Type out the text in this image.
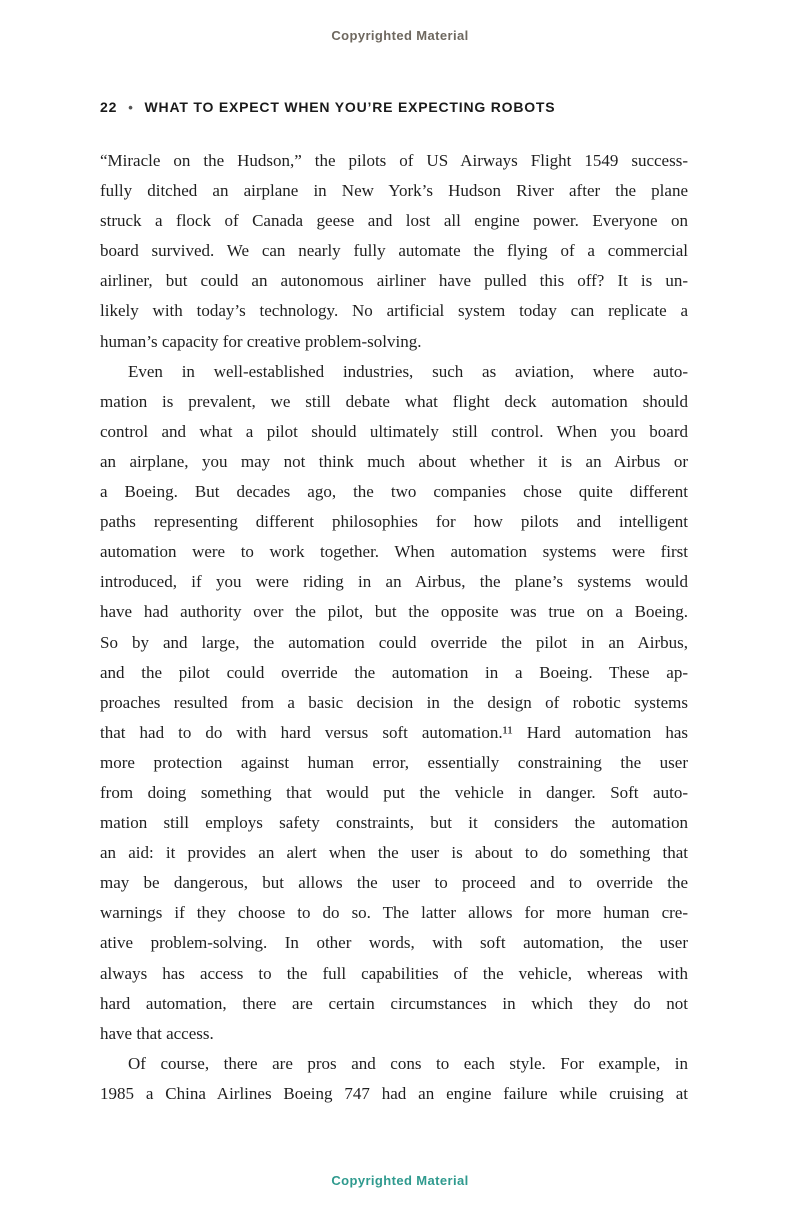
Copyrighted Material
22 • WHAT TO EXPECT WHEN YOU’RE EXPECTING ROBOTS
“Miracle on the Hudson,” the pilots of US Airways Flight 1549 success-
fully ditched an airplane in New York’s Hudson River after the plane
struck a flock of Canada geese and lost all engine power. Everyone on
board survived. We can nearly fully automate the flying of a commercial
airliner, but could an autonomous airliner have pulled this off? It is un-
likely with today’s technology. No artificial system today can replicate a
human’s capacity for creative problem-solving.
Even in well-established industries, such as aviation, where auto-
mation is prevalent, we still debate what flight deck automation should
control and what a pilot should ultimately still control. When you board
an airplane, you may not think much about whether it is an Airbus or
a Boeing. But decades ago, the two companies chose quite different
paths representing different philosophies for how pilots and intelligent
automation were to work together. When automation systems were first
introduced, if you were riding in an Airbus, the plane’s systems would
have had authority over the pilot, but the opposite was true on a Boeing.
So by and large, the automation could override the pilot in an Airbus,
and the pilot could override the automation in a Boeing. These ap-
proaches resulted from a basic decision in the design of robotic systems
that had to do with hard versus soft automation.¹¹ Hard automation has
more protection against human error, essentially constraining the user
from doing something that would put the vehicle in danger. Soft auto-
mation still employs safety constraints, but it considers the automation
an aid: it provides an alert when the user is about to do something that
may be dangerous, but allows the user to proceed and to override the
warnings if they choose to do so. The latter allows for more human cre-
ative problem-solving. In other words, with soft automation, the user
always has access to the full capabilities of the vehicle, whereas with
hard automation, there are certain circumstances in which they do not
have that access.
Of course, there are pros and cons to each style. For example, in
1985 a China Airlines Boeing 747 had an engine failure while cruising at
Copyrighted Material
